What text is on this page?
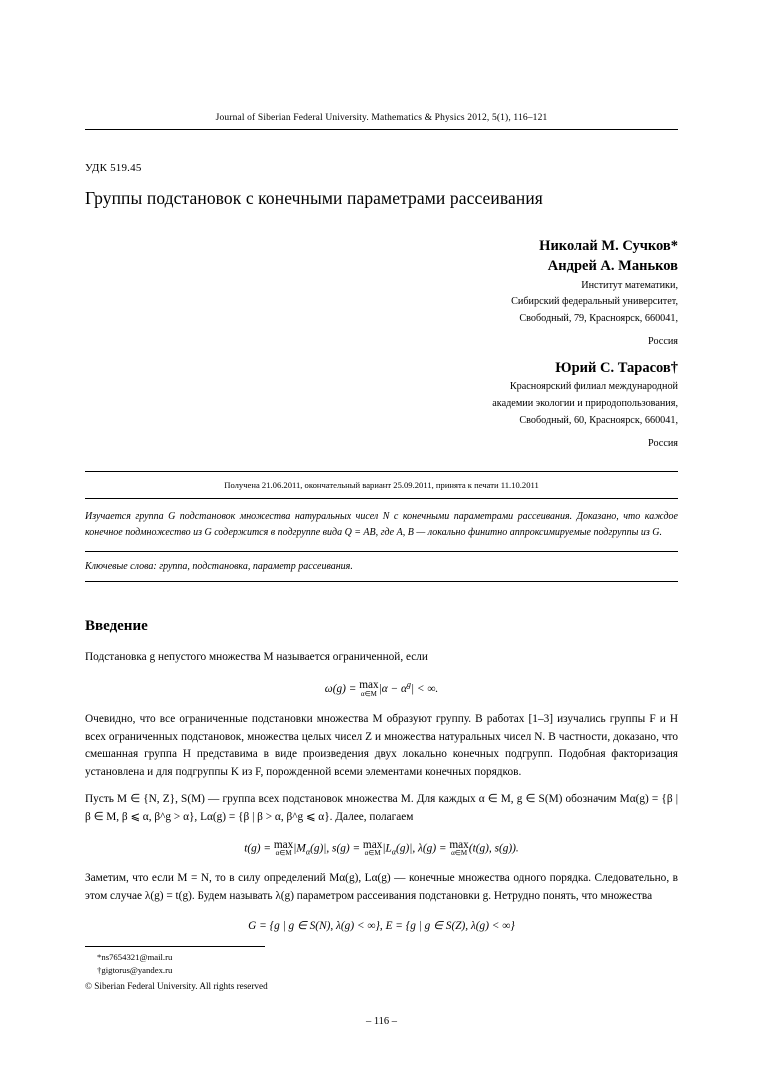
Journal of Siberian Federal University. Mathematics & Physics 2012, 5(1), 116–121
УДК 519.45
Группы подстановок с конечными параметрами рассеивания
Николай М. Сучков*
Андрей А. Маньков
Институт математики,
Сибирский федеральный университет,
Свободный, 79, Красноярск, 660041,
Россия
Юрий С. Тарасов†
Красноярский филиал международной
академии экологии и природопользования,
Свободный, 60, Красноярск, 660041,
Россия
Получена 21.06.2011, окончательный вариант 25.09.2011, принята к печати 11.10.2011
Изучается группа G подстановок множества натуральных чисел N с конечными параметрами рассеивания. Доказано, что каждое конечное подмножество из G содержится в подгруппе вида Q = AB, где A, B — локально финитно аппроксимируемые подгруппы из G.
Ключевые слова: группа, подстановка, параметр рассеивания.
Введение

Подстановка g непустого множества M называется ограниченной, если

ω(g) = max
α∈M $|\alpha - \alpha^g|$ < ∞.

Очевидно, что все ограниченные подстановки множества M образуют группу. В работах [1–3] изучались группы F и H всех ограниченных подстановок, множества целых чисел Z и множества натуральных чисел N. В частности, доказано, что смешанная группа H представима в виде произведения двух локально конечных подгрупп. Подобная факторизация установлена и для подгруппы K из F, порожденной всеми элементами конечных порядков.

Пусть M ∈ {N, Z}, S(M) — группа всех подстановок множества M. Для каждых α ∈ M, g ∈ S(M) обозначим Mα(g) = {β | β ∈ M, β ⩽ α, β^g > α}, Lα(g) = {β | β > α, β^g ⩽ α}. Далее, полагаем

t(g) = max
α∈M $|M_\alpha(g)|$, s(g) = max
α∈M $|L_\alpha(g)|$, λ(g) = max
α∈M (t(g), s(g)).

Заметим, что если M = N, то в силу определений Mα(g), Lα(g) — конечные множества одного порядка. Следовательно, в этом случае λ(g) = t(g). Будем называть λ(g) параметром рассеивания подстановки g. Нетрудно понять, что множества

G = {g | g ∈ S(N), λ(g) < ∞}, E = {g | g ∈ S(Z), λ(g) < ∞}
*ns7654321@mail.ru
†gigtorus@yandex.ru
© Siberian Federal University. All rights reserved
– 116 –
